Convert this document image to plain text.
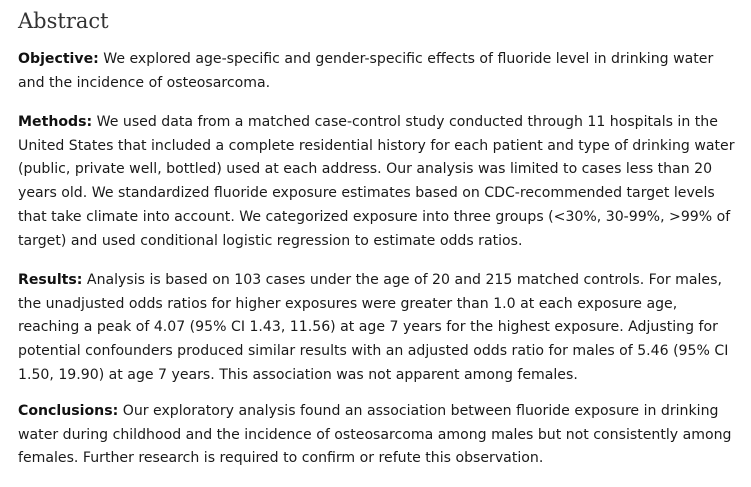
Abstract

Objective: We explored age-specific and gender-specific effects of fluoride level in drinking water and the incidence of osteosarcoma.

Methods: We used data from a matched case-control study conducted through 11 hospitals in the United States that included a complete residential history for each patient and type of drinking water (public, private well, bottled) used at each address. Our analysis was limited to cases less than 20 years old. We standardized fluoride exposure estimates based on CDC-recommended target levels that take climate into account. We categorized exposure into three groups (<30%, 30-99%, >99% of target) and used conditional logistic regression to estimate odds ratios.

Results: Analysis is based on 103 cases under the age of 20 and 215 matched controls. For males, the unadjusted odds ratios for higher exposures were greater than 1.0 at each exposure age, reaching a peak of 4.07 (95% CI 1.43, 11.56) at age 7 years for the highest exposure. Adjusting for potential confounders produced similar results with an adjusted odds ratio for males of 5.46 (95% CI 1.50, 19.90) at age 7 years. This association was not apparent among females.

Conclusions: Our exploratory analysis found an association between fluoride exposure in drinking water during childhood and the incidence of osteosarcoma among males but not consistently among females. Further research is required to confirm or refute this observation.
